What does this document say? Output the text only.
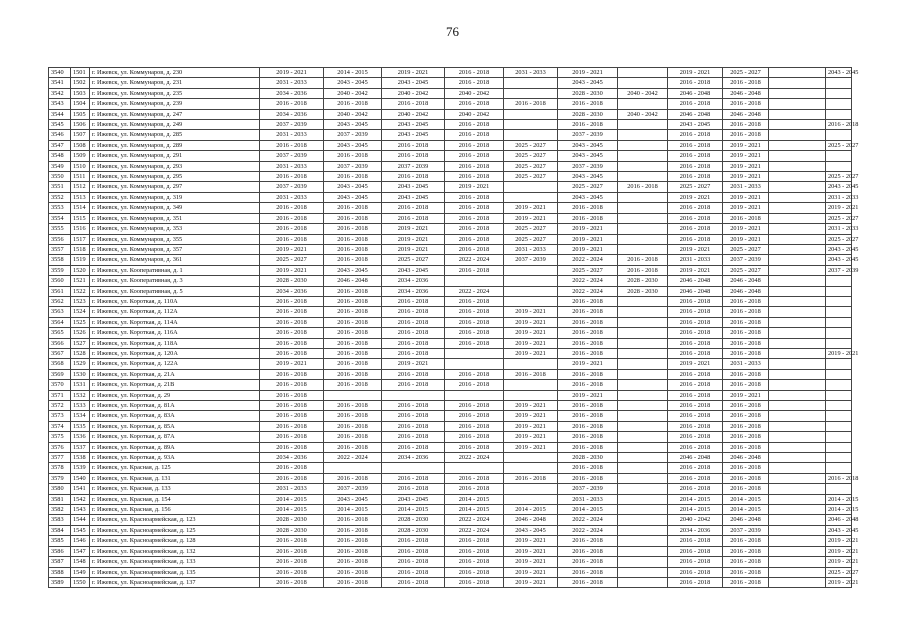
76
3540	1501	г. Ижевск, ул. Коммунаров, д. 230	2019 - 2021	2014 - 2015	2019 - 2021	2016 - 2018	2031 - 2033	2019 - 2021		2019 - 2021	2025 - 2027		2043 - 2045
3541	1502	г. Ижевск, ул. Коммунаров, д. 231	2031 - 2033	2043 - 2045	2043 - 2045	2016 - 2018		2043 - 2045		2016 - 2018	2016 - 2018		
3542	1503	г. Ижевск, ул. Коммунаров, д. 235	2034 - 2036	2040 - 2042	2040 - 2042	2040 - 2042		2028 - 2030	2040 - 2042	2046 - 2048	2046 - 2048		
3543	1504	г. Ижевск, ул. Коммунаров, д. 239	2016 - 2018	2016 - 2018	2016 - 2018	2016 - 2018	2016 - 2018	2016 - 2018		2016 - 2018	2016 - 2018		
3544	1505	г. Ижевск, ул. Коммунаров, д. 247	2034 - 2036	2040 - 2042	2040 - 2042	2040 - 2042		2028 - 2030	2040 - 2042	2046 - 2048	2046 - 2048		
3545	1506	г. Ижевск, ул. Коммунаров, д. 249	2037 - 2039	2043 - 2045	2043 - 2045	2016 - 2018		2016 - 2018		2043 - 2045	2016 - 2018		2016 - 2018
3546	1507	г. Ижевск, ул. Коммунаров, д. 285	2031 - 2033	2037 - 2039	2043 - 2045	2016 - 2018		2037 - 2039		2016 - 2018	2016 - 2018		
3547	1508	г. Ижевск, ул. Коммунаров, д. 289	2016 - 2018	2043 - 2045	2016 - 2018	2016 - 2018	2025 - 2027	2043 - 2045		2016 - 2018	2019 - 2021		2025 - 2027
3548	1509	г. Ижевск, ул. Коммунаров, д. 291	2037 - 2039	2016 - 2018	2016 - 2018	2016 - 2018	2025 - 2027	2043 - 2045		2016 - 2018	2019 - 2021		
3549	1510	г. Ижевск, ул. Коммунаров, д. 293	2031 - 2033	2037 - 2039	2037 - 2039	2016 - 2018	2025 - 2027	2037 - 2039		2016 - 2018	2019 - 2021		
3550	1511	г. Ижевск, ул. Коммунаров, д. 295	2016 - 2018	2016 - 2018	2016 - 2018	2016 - 2018	2025 - 2027	2043 - 2045		2016 - 2018	2019 - 2021		2025 - 2027
3551	1512	г. Ижевск, ул. Коммунаров, д. 297	2037 - 2039	2043 - 2045	2043 - 2045	2019 - 2021		2025 - 2027	2016 - 2018	2025 - 2027	2031 - 2033		2043 - 2045
3552	1513	г. Ижевск, ул. Коммунаров, д. 319	2031 - 2033	2043 - 2045	2043 - 2045	2016 - 2018		2043 - 2045		2019 - 2021	2019 - 2021		2031 - 2033
3553	1514	г. Ижевск, ул. Коммунаров, д. 349	2016 - 2018	2016 - 2018	2016 - 2018	2016 - 2018	2019 - 2021	2016 - 2018		2016 - 2018	2019 - 2021		2019 - 2021
3554	1515	г. Ижевск, ул. Коммунаров, д. 351	2016 - 2018	2016 - 2018	2016 - 2018	2016 - 2018	2019 - 2021	2016 - 2018		2016 - 2018	2016 - 2018		2025 - 2027
3555	1516	г. Ижевск, ул. Коммунаров, д. 353	2016 - 2018	2016 - 2018	2019 - 2021	2016 - 2018	2025 - 2027	2019 - 2021		2016 - 2018	2019 - 2021		2031 - 2033
3556	1517	г. Ижевск, ул. Коммунаров, д. 355	2016 - 2018	2016 - 2018	2019 - 2021	2016 - 2018	2025 - 2027	2019 - 2021		2016 - 2018	2019 - 2021		2025 - 2027
3557	1518	г. Ижевск, ул. Коммунаров, д. 357	2019 - 2021	2016 - 2018	2019 - 2021	2016 - 2018	2031 - 2033	2019 - 2021		2019 - 2021	2025 - 2027		2043 - 2045
3558	1519	г. Ижевск, ул. Коммунаров, д. 361	2025 - 2027	2016 - 2018	2025 - 2027	2022 - 2024	2037 - 2039	2022 - 2024	2016 - 2018	2031 - 2033	2037 - 2039		2043 - 2045
3559	1520	г. Ижевск, ул. Кооперативная, д. 1	2019 - 2021	2043 - 2045	2043 - 2045	2016 - 2018		2025 - 2027	2016 - 2018	2019 - 2021	2025 - 2027		2037 - 2039
3560	1521	г. Ижевск, ул. Кооперативная, д. 3	2028 - 2030	2046 - 2048	2034 - 2036			2022 - 2024	2028 - 2030	2046 - 2048	2046 - 2048		
3561	1522	г. Ижевск, ул. Кооперативная, д. 5	2034 - 2036	2016 - 2018	2034 - 2036	2022 - 2024		2022 - 2024	2028 - 2030	2046 - 2048	2046 - 2048		
3562	1523	г. Ижевск, ул. Короткая, д. 110А	2016 - 2018	2016 - 2018	2016 - 2018	2016 - 2018		2016 - 2018		2016 - 2018	2016 - 2018		
3563	1524	г. Ижевск, ул. Короткая, д. 112А	2016 - 2018	2016 - 2018	2016 - 2018	2016 - 2018	2019 - 2021	2016 - 2018		2016 - 2018	2016 - 2018		
3564	1525	г. Ижевск, ул. Короткая, д. 114А	2016 - 2018	2016 - 2018	2016 - 2018	2016 - 2018	2019 - 2021	2016 - 2018		2016 - 2018	2016 - 2018		
3565	1526	г. Ижевск, ул. Короткая, д. 116А	2016 - 2018	2016 - 2018	2016 - 2018	2016 - 2018	2019 - 2021	2016 - 2018		2016 - 2018	2016 - 2018		
3566	1527	г. Ижевск, ул. Короткая, д. 118А	2016 - 2018	2016 - 2018	2016 - 2018	2016 - 2018	2019 - 2021	2016 - 2018		2016 - 2018	2016 - 2018		
3567	1528	г. Ижевск, ул. Короткая, д. 120А	2016 - 2018	2016 - 2018	2016 - 2018		2019 - 2021	2016 - 2018		2016 - 2018	2016 - 2018		2019 - 2021
3568	1529	г. Ижевск, ул. Короткая, д. 122А	2019 - 2021	2016 - 2018	2019 - 2021			2019 - 2021		2019 - 2021	2031 - 2033		
3569	1530	г. Ижевск, ул. Короткая, д. 21А	2016 - 2018	2016 - 2018	2016 - 2018	2016 - 2018	2016 - 2018	2016 - 2018		2016 - 2018	2016 - 2018		
3570	1531	г. Ижевск, ул. Короткая, д. 21В	2016 - 2018	2016 - 2018	2016 - 2018	2016 - 2018		2016 - 2018		2016 - 2018	2016 - 2018		
3571	1532	г. Ижевск, ул. Короткая, д. 29	2016 - 2018					2019 - 2021		2016 - 2018	2019 - 2021		
3572	1533	г. Ижевск, ул. Короткая, д. 81А	2016 - 2018	2016 - 2018	2016 - 2018	2016 - 2018	2019 - 2021	2016 - 2018		2016 - 2018	2016 - 2018		
3573	1534	г. Ижевск, ул. Короткая, д. 83А	2016 - 2018	2016 - 2018	2016 - 2018	2016 - 2018	2019 - 2021	2016 - 2018		2016 - 2018	2016 - 2018		
3574	1535	г. Ижевск, ул. Короткая, д. 85А	2016 - 2018	2016 - 2018	2016 - 2018	2016 - 2018	2019 - 2021	2016 - 2018		2016 - 2018	2016 - 2018		
3575	1536	г. Ижевск, ул. Короткая, д. 87А	2016 - 2018	2016 - 2018	2016 - 2018	2016 - 2018	2019 - 2021	2016 - 2018		2016 - 2018	2016 - 2018		
3576	1537	г. Ижевск, ул. Короткая, д. 89А	2016 - 2018	2016 - 2018	2016 - 2018	2016 - 2018	2019 - 2021	2016 - 2018		2016 - 2018	2016 - 2018		
3577	1538	г. Ижевск, ул. Короткая, д. 93А	2034 - 2036	2022 - 2024	2034 - 2036	2022 - 2024		2028 - 2030		2046 - 2048	2046 - 2048		
3578	1539	г. Ижевск, ул. Красная, д. 125	2016 - 2018					2016 - 2018		2016 - 2018	2016 - 2018		
3579	1540	г. Ижевск, ул. Красная, д. 131	2016 - 2018	2016 - 2018	2016 - 2018	2016 - 2018	2016 - 2018	2016 - 2018		2016 - 2018	2016 - 2018		2016 - 2018
3580	1541	г. Ижевск, ул. Красная, д. 133	2031 - 2033	2037 - 2039	2016 - 2018	2016 - 2018		2037 - 2039		2016 - 2018	2016 - 2018		
3581	1542	г. Ижевск, ул. Красная, д. 154	2014 - 2015	2043 - 2045	2043 - 2045	2014 - 2015		2031 - 2033		2014 - 2015	2014 - 2015		2014 - 2015
3582	1543	г. Ижевск, ул. Красная, д. 156	2014 - 2015	2014 - 2015	2014 - 2015	2014 - 2015	2014 - 2015	2014 - 2015		2014 - 2015	2014 - 2015		2014 - 2015
3583	1544	г. Ижевск, ул. Красноармейская, д. 123	2028 - 2030	2016 - 2018	2028 - 2030	2022 - 2024	2046 - 2048	2022 - 2024		2040 - 2042	2046 - 2048		2046 - 2048
3584	1545	г. Ижевск, ул. Красноармейская, д. 125	2028 - 2030	2016 - 2018	2028 - 2030	2022 - 2024	2043 - 2045	2022 - 2024		2034 - 2036	2037 - 2039		2043 - 2045
3585	1546	г. Ижевск, ул. Красноармейская, д. 128	2016 - 2018	2016 - 2018	2016 - 2018	2016 - 2018	2019 - 2021	2016 - 2018		2016 - 2018	2016 - 2018		2019 - 2021
3586	1547	г. Ижевск, ул. Красноармейская, д. 132	2016 - 2018	2016 - 2018	2016 - 2018	2016 - 2018	2019 - 2021	2016 - 2018		2016 - 2018	2016 - 2018		2019 - 2021
3587	1548	г. Ижевск, ул. Красноармейская, д. 133	2016 - 2018	2016 - 2018	2016 - 2018	2016 - 2018	2019 - 2021	2016 - 2018		2016 - 2018	2016 - 2018		2019 - 2021
3588	1549	г. Ижевск, ул. Красноармейская, д. 135	2016 - 2018	2016 - 2018	2016 - 2018	2016 - 2018	2019 - 2021	2016 - 2018		2016 - 2018	2016 - 2018		2025 - 2027
3589	1550	г. Ижевск, ул. Красноармейская, д. 137	2016 - 2018	2016 - 2018	2016 - 2018	2016 - 2018	2019 - 2021	2016 - 2018		2016 - 2018	2016 - 2018		2019 - 2021
